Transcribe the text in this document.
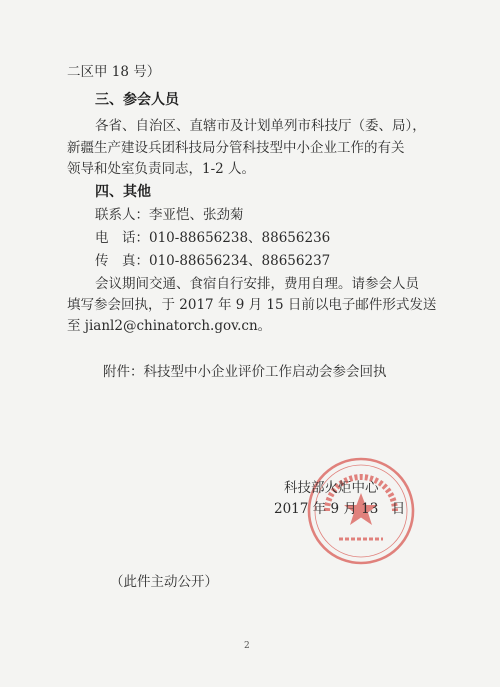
二区甲 18 号）
三、参会人员
各省、自治区、直辖市及计划单列市科技厅（委、局），
新疆生产建设兵团科技局分管科技型中小企业工作的有关
领导和处室负责同志，1-2 人。
四、其他
联系人：李亚恺、张劲菊
电　话：010-88656238、88656236
传　真：010-88656234、88656237
会议期间交通、食宿自行安排，费用自理。请参会人员
填写参会回执，于 2017 年 9 月 15 日前以电子邮件形式发送
至 jianl2@chinatorch.gov.cn。
附件：科技型中小企业评价工作启动会参会回执
科技部火炬中心
2017 年 9 月 13　日
（此件主动公开）
2
